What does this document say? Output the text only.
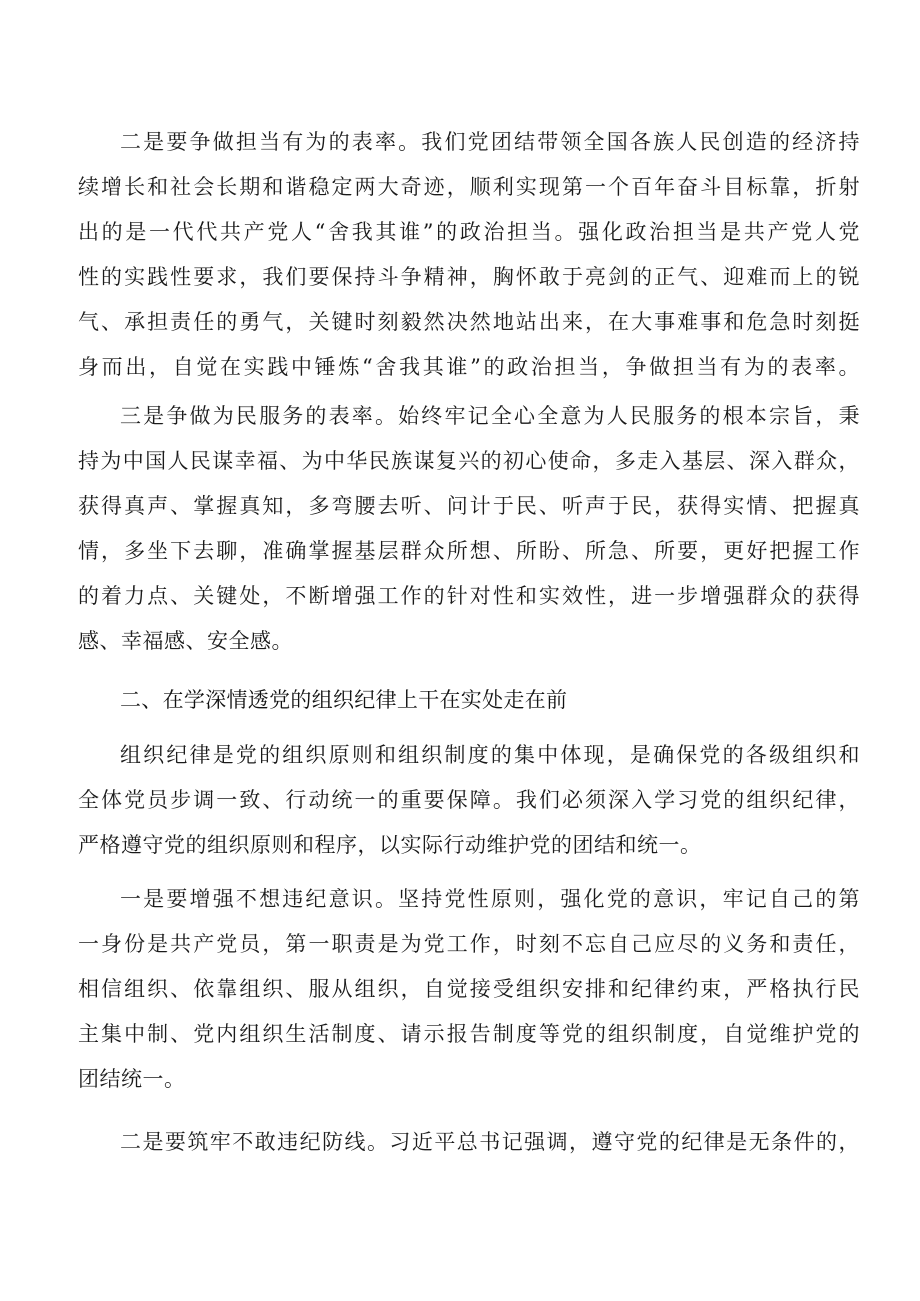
二是要争做担当有为的表率。我们党团结带领全国各族人民创造的经济持
续增长和社会长期和谐稳定两大奇迹，顺利实现第一个百年奋斗目标靠，折射
出的是一代代共产党人“舍我其谁”的政治担当。强化政治担当是共产党人党
性的实践性要求，我们要保持斗争精神，胸怀敢于亮剑的正气、迎难而上的锐
气、承担责任的勇气，关键时刻毅然决然地站出来，在大事难事和危急时刻挺
身而出，自觉在实践中锤炼“舍我其谁”的政治担当，争做担当有为的表率。
三是争做为民服务的表率。始终牢记全心全意为人民服务的根本宗旨，秉
持为中国人民谋幸福、为中华民族谋复兴的初心使命，多走入基层、深入群众，
获得真声、掌握真知，多弯腰去听、问计于民、听声于民，获得实情、把握真
情，多坐下去聊，准确掌握基层群众所想、所盼、所急、所要，更好把握工作
的着力点、关键处，不断增强工作的针对性和实效性，进一步增强群众的获得
感、幸福感、安全感。
二、在学深情透党的组织纪律上干在实处走在前
组织纪律是党的组织原则和组织制度的集中体现，是确保党的各级组织和
全体党员步调一致、行动统一的重要保障。我们必须深入学习党的组织纪律，
严格遵守党的组织原则和程序，以实际行动维护党的团结和统一。
一是要增强不想违纪意识。坚持党性原则，强化党的意识，牢记自己的第
一身份是共产党员，第一职责是为党工作，时刻不忘自己应尽的义务和责任，
相信组织、依靠组织、服从组织，自觉接受组织安排和纪律约束，严格执行民
主集中制、党内组织生活制度、请示报告制度等党的组织制度，自觉维护党的
团结统一。
二是要筑牢不敢违纪防线。习近平总书记强调，遵守党的纪律是无条件的，
